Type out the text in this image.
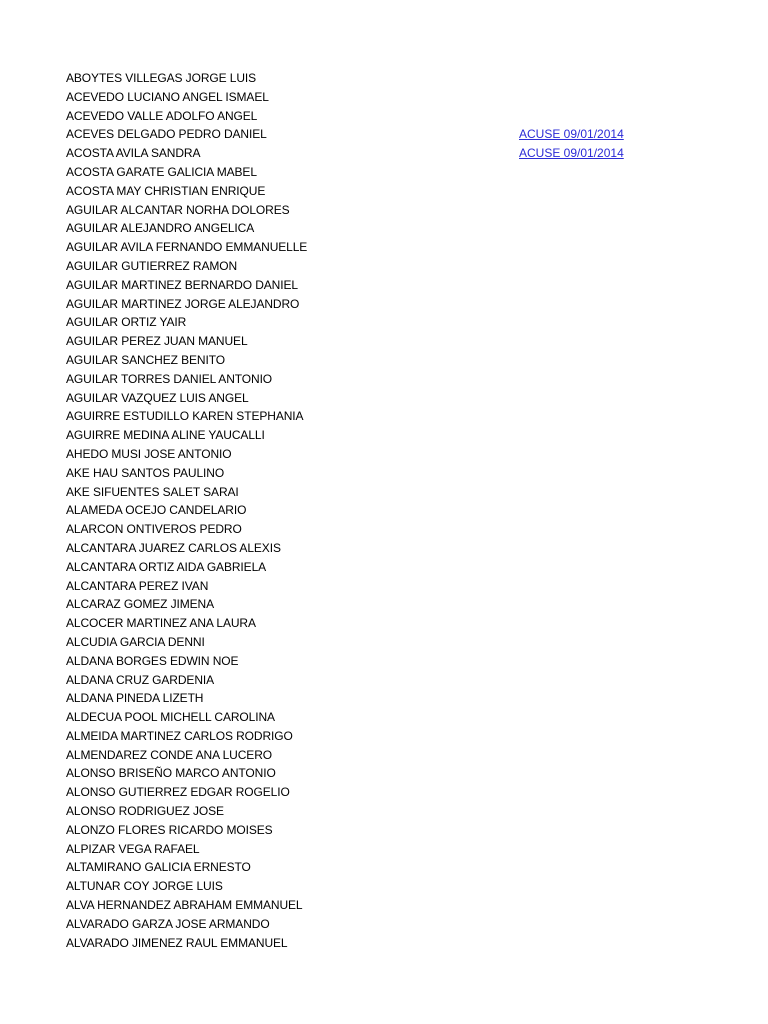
ABOYTES VILLEGAS JORGE LUIS
ACEVEDO LUCIANO ANGEL ISMAEL
ACEVEDO VALLE ADOLFO ANGEL
ACEVES DELGADO PEDRO DANIEL	ACUSE 09/01/2014
ACOSTA AVILA SANDRA	ACUSE 09/01/2014
ACOSTA GARATE GALICIA MABEL
ACOSTA MAY CHRISTIAN ENRIQUE
AGUILAR ALCANTAR NORHA DOLORES
AGUILAR ALEJANDRO ANGELICA
AGUILAR AVILA FERNANDO EMMANUELLE
AGUILAR GUTIERREZ RAMON
AGUILAR MARTINEZ BERNARDO DANIEL
AGUILAR MARTINEZ JORGE ALEJANDRO
AGUILAR ORTIZ YAIR
AGUILAR PEREZ JUAN MANUEL
AGUILAR SANCHEZ BENITO
AGUILAR TORRES DANIEL ANTONIO
AGUILAR VAZQUEZ LUIS ANGEL
AGUIRRE ESTUDILLO KAREN STEPHANIA
AGUIRRE MEDINA ALINE YAUCALLI
AHEDO MUSI JOSE ANTONIO
AKE HAU SANTOS PAULINO
AKE SIFUENTES SALET SARAI
ALAMEDA OCEJO CANDELARIO
ALARCON ONTIVEROS PEDRO
ALCANTARA JUAREZ CARLOS ALEXIS
ALCANTARA ORTIZ AIDA GABRIELA
ALCANTARA PEREZ IVAN
ALCARAZ GOMEZ JIMENA
ALCOCER MARTINEZ ANA LAURA
ALCUDIA GARCIA DENNI
ALDANA BORGES EDWIN NOE
ALDANA CRUZ GARDENIA
ALDANA PINEDA LIZETH
ALDECUA POOL MICHELL CAROLINA
ALMEIDA MARTINEZ CARLOS RODRIGO
ALMENDAREZ CONDE ANA LUCERO
ALONSO BRISEÑO MARCO ANTONIO
ALONSO GUTIERREZ EDGAR ROGELIO
ALONSO RODRIGUEZ JOSE
ALONZO FLORES RICARDO MOISES
ALPIZAR VEGA RAFAEL
ALTAMIRANO GALICIA ERNESTO
ALTUNAR COY JORGE LUIS
ALVA HERNANDEZ ABRAHAM EMMANUEL
ALVARADO GARZA JOSE ARMANDO
ALVARADO JIMENEZ RAUL EMMANUEL
